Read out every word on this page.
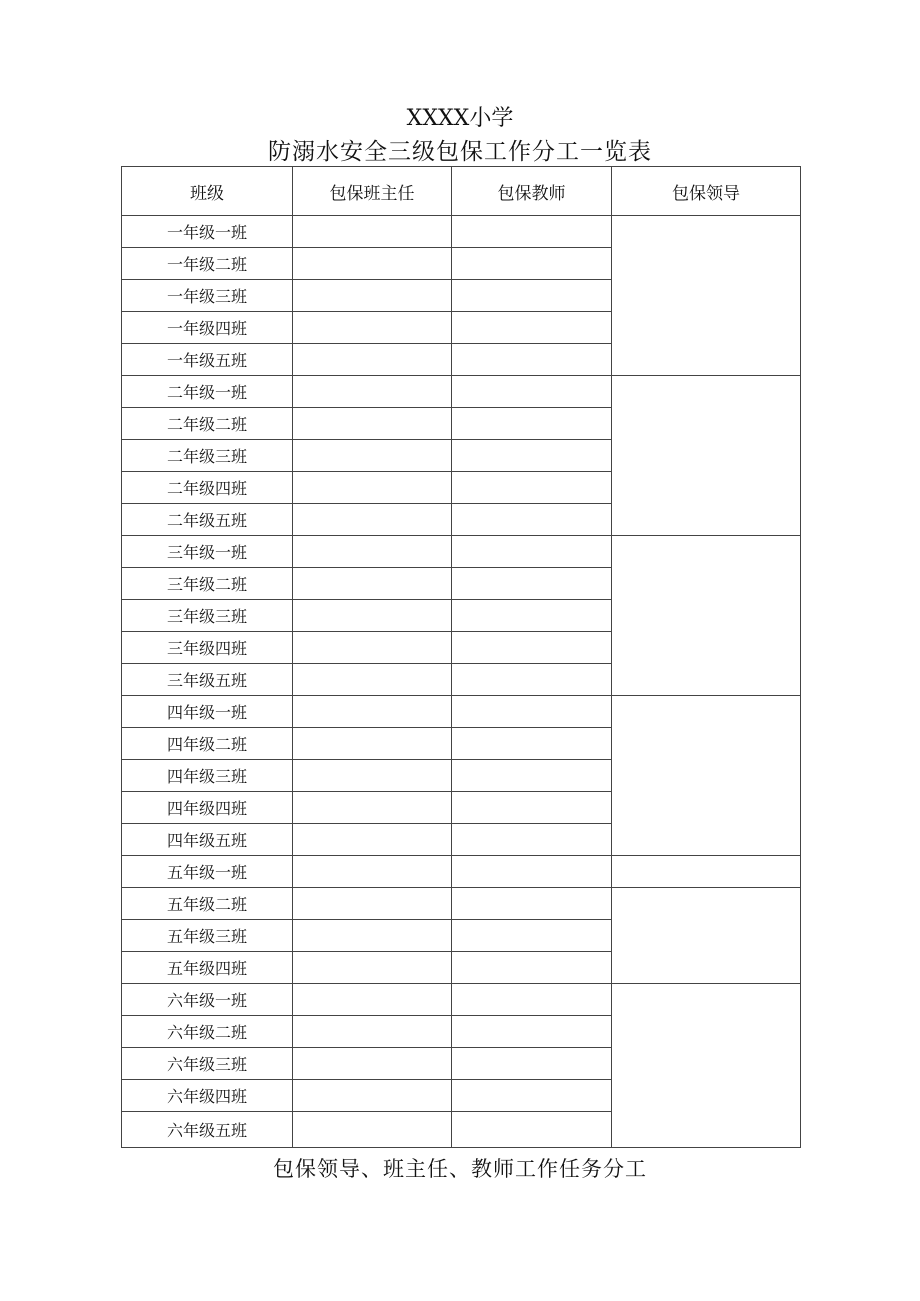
XXXX小学
防溺水安全三级包保工作分工一览表
班级	包保班主任	包保教师	包保领导
一年级一班			
一年级二班			
一年级三班			
一年级四班			
一年级五班			
二年级一班			
二年级二班			
二年级三班			
二年级四班			
二年级五班			
三年级一班			
三年级二班			
三年级三班			
三年级四班			
三年级五班			
四年级一班			
四年级二班			
四年级三班			
四年级四班			
四年级五班			
五年级一班			
五年级二班			
五年级三班			
五年级四班			
六年级一班			
六年级二班			
六年级三班			
六年级四班			
六年级五班			
包保领导、班主任、教师工作任务分工
